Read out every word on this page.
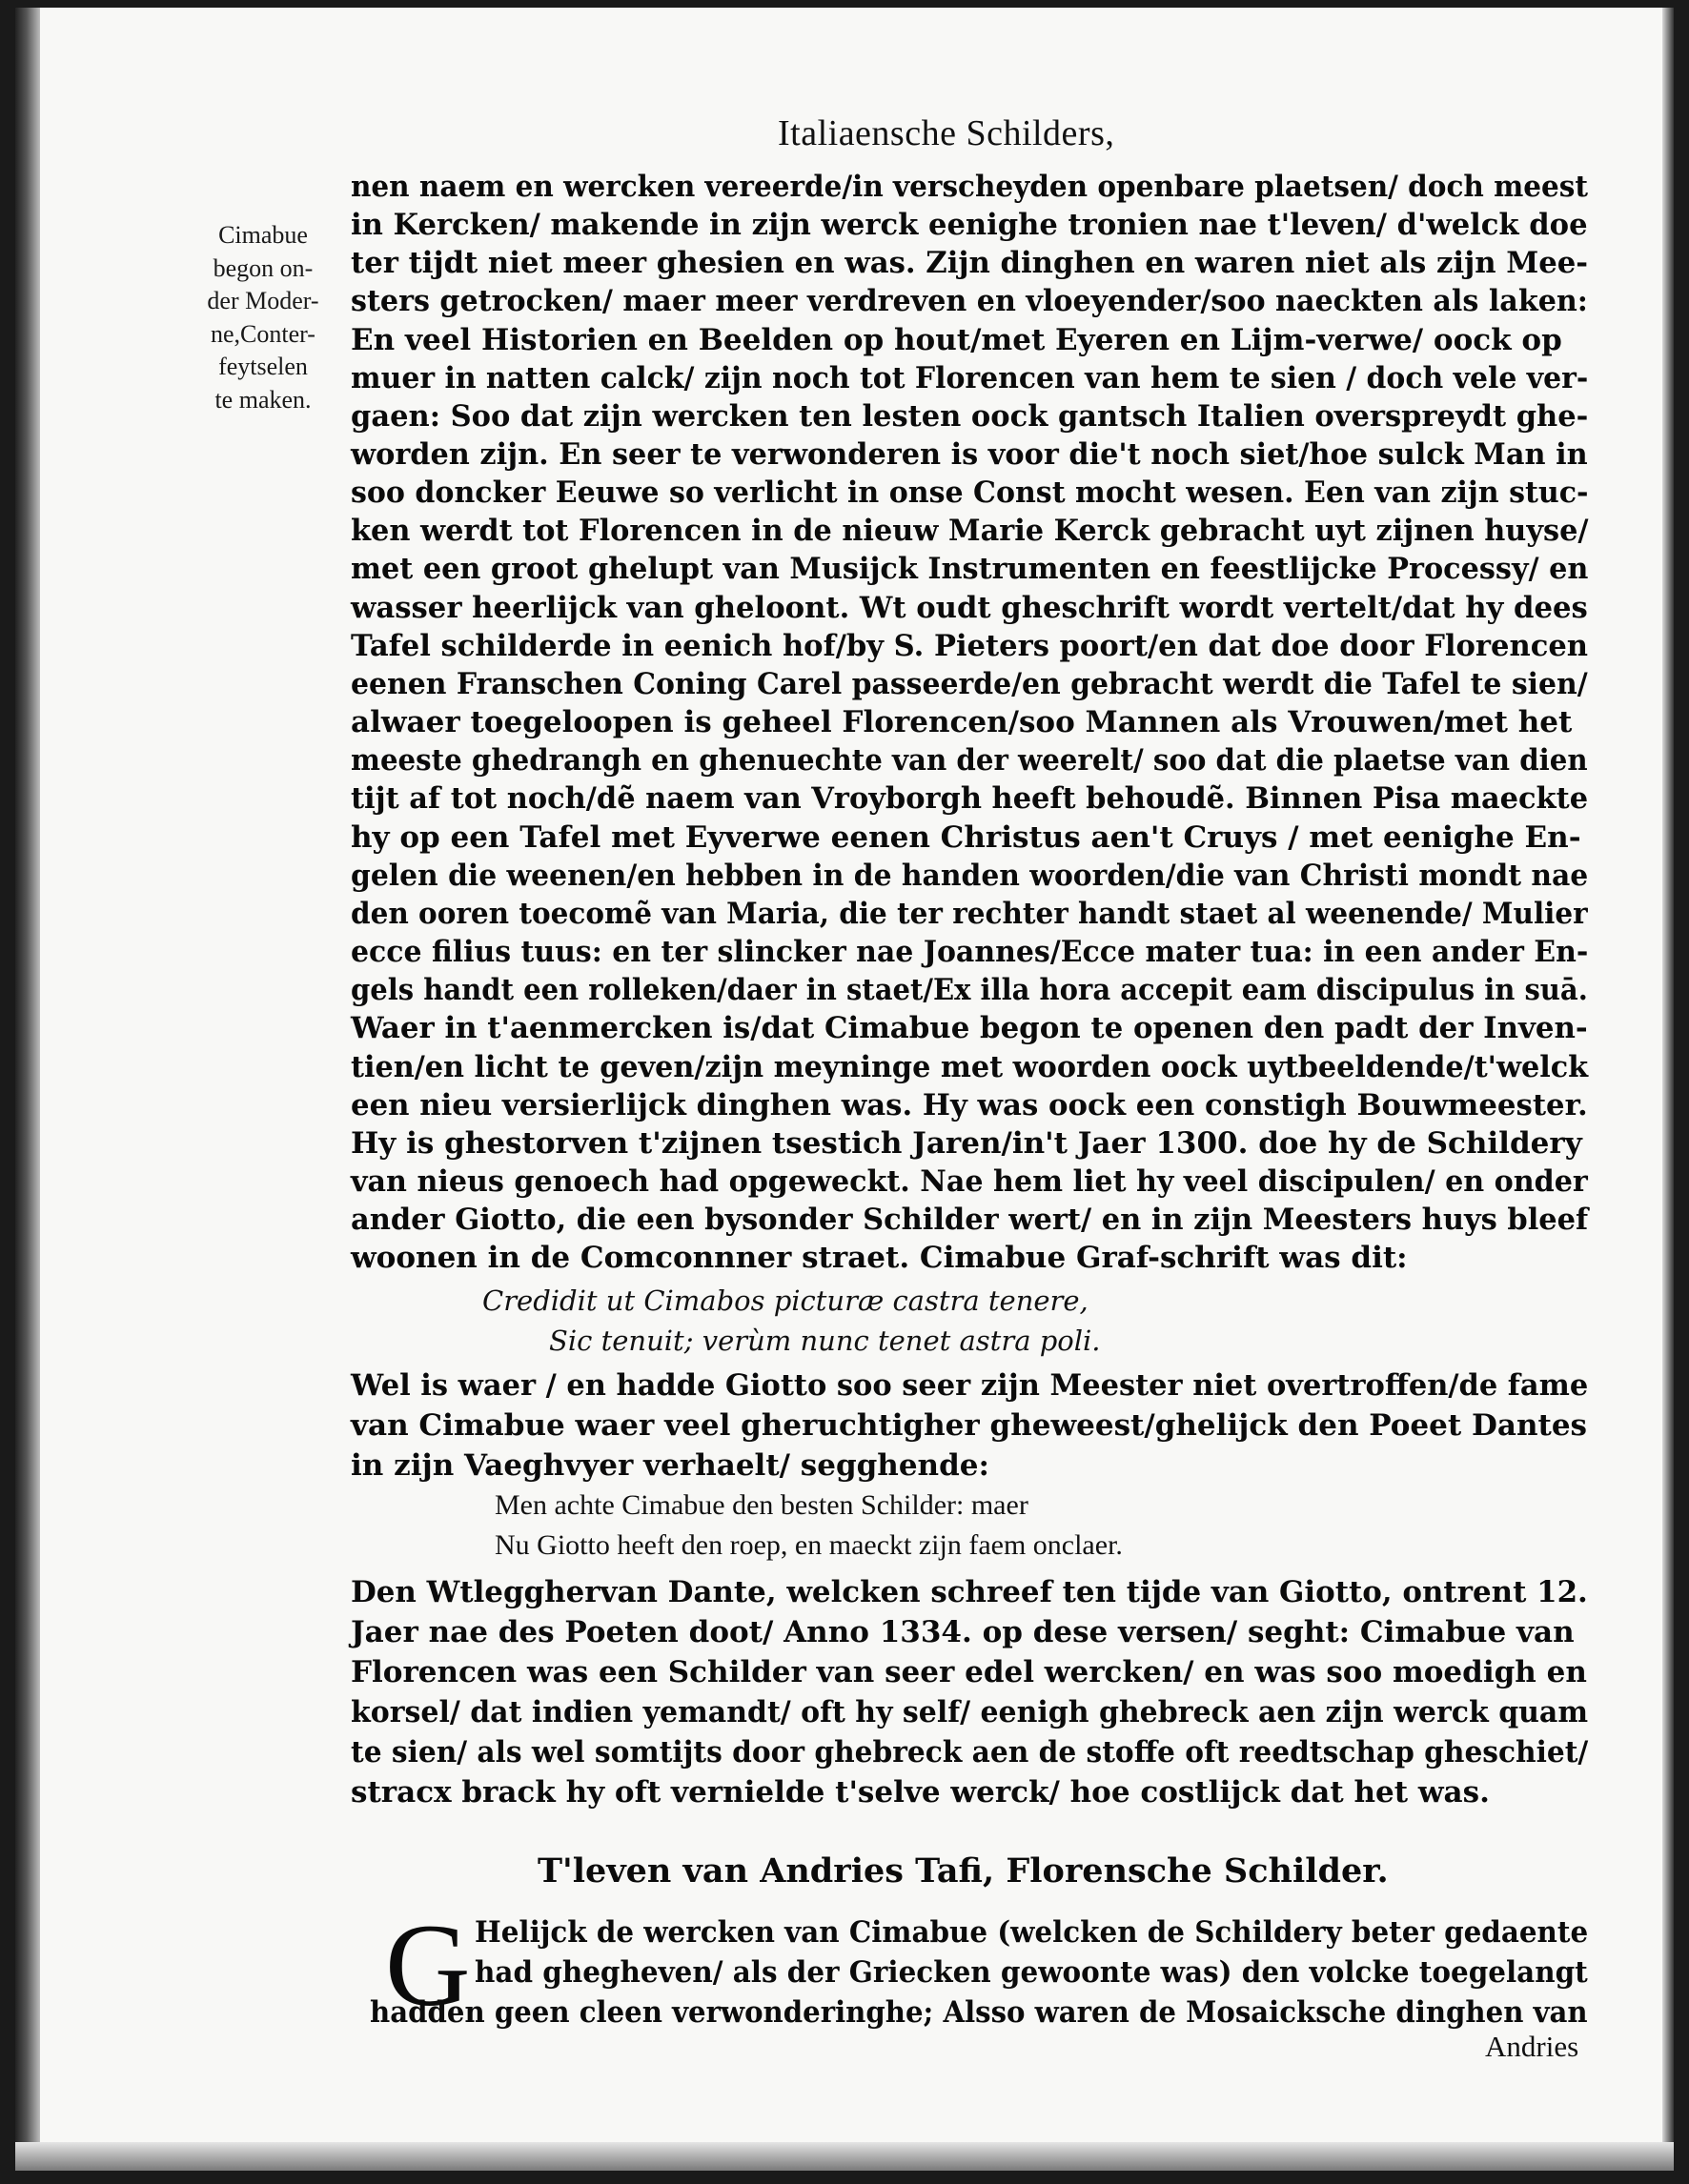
Italiaensche Schilders,
Cimabue
begon on-
der Moder-
ne,Conter-
feytselen
te maken.
nen naem en wercken vereerde/in verscheyden openbare plaetsen/ doch meest
in Kercken/ makende in zijn werck eenighe tronien nae t'leven/ d'welck doe
ter tijdt niet meer ghesien en was. Zijn dinghen en waren niet als zijn Mee-
sters getrocken/ maer meer verdreven en vloeyender/soo naeckten als laken:
En veel Historien en Beelden op hout/met Eyeren en Lijm-verwe/ oock op
muer in natten calck/ zijn noch tot Florencen van hem te sien / doch vele ver-
gaen: Soo dat zijn wercken ten lesten oock gantsch Italien overspreydt ghe-
worden zijn. En seer te verwonderen is voor die't noch siet/hoe sulck Man in
soo doncker Eeuwe so verlicht in onse Const mocht wesen. Een van zijn stuc-
ken werdt tot Florencen in de nieuw Marie Kerck gebracht uyt zijnen huyse/
met een groot ghelupt van Musijck Instrumenten en feestlijcke Processy/ en
wasser heerlijck van gheloont. Wt oudt gheschrift wordt vertelt/dat hy dees
Tafel schilderde in eenich hof/by S. Pieters poort/en dat doe door Florencen
eenen Franschen Coning Carel passeerde/en gebracht werdt die Tafel te sien/
alwaer toegeloopen is geheel Florencen/soo Mannen als Vrouwen/met het
meeste ghedrangh en ghenuechte van der weerelt/ soo dat die plaetse van dien
tijt af tot noch/dẽ naem van Vroyborgh heeft behoudẽ. Binnen Pisa maeckte
hy op een Tafel met Eyverwe eenen Christus aen't Cruys / met eenighe En-
gelen die weenen/en hebben in de handen woorden/die van Christi mondt nae
den ooren toecomẽ van Maria, die ter rechter handt staet al weenende/ Mulier
ecce filius tuus: en ter slincker nae Joannes/Ecce mater tua: in een ander En-
gels handt een rolleken/daer in staet/Ex illa hora accepit eam discipulus in suā.
Waer in t'aenmercken is/dat Cimabue begon te openen den padt der Inven-
tien/en licht te geven/zijn meyninge met woorden oock uytbeeldende/t'welck
een nieu versierlijck dinghen was. Hy was oock een constigh Bouwmeester.
Hy is ghestorven t'zijnen tsestich Jaren/in't Jaer 1300. doe hy de Schildery
van nieus genoech had opgeweckt. Nae hem liet hy veel discipulen/ en onder
ander Giotto, die een bysonder Schilder wert/ en in zijn Meesters huys bleef
woonen in de Comconnner straet. Cimabue Graf-schrift was dit:
Credidit ut Cimabos picturæ castra tenere,
Sic tenuit; verùm nunc tenet astra poli.
Wel is waer / en hadde Giotto soo seer zijn Meester niet overtroffen/de fame
van Cimabue waer veel gheruchtigher gheweest/ghelijck den Poeet Dantes
in zijn Vaeghvyer verhaelt/ segghende:
Men achte Cimabue den besten Schilder: maer
Nu Giotto heeft den roep, en maeckt zijn faem onclaer.
Den Wtlegghervan Dante, welcken schreef ten tijde van Giotto, ontrent 12.
Jaer nae des Poeten doot/ Anno 1334. op dese versen/ seght: Cimabue van
Florencen was een Schilder van seer edel wercken/ en was soo moedigh en
korsel/ dat indien yemandt/ oft hy self/ eenigh ghebreck aen zijn werck quam
te sien/ als wel somtijts door ghebreck aen de stoffe oft reedtschap gheschiet/
stracx brack hy oft vernielde t'selve werck/ hoe costlijck dat het was.
T'leven van Andries Tafi, Florensche Schilder.
G Helijck de wercken van Cimabue (welcken de Schildery beter gedaente
had ghegheven/ als der Griecken gewoonte was) den volcke toegelangt
hadden geen cleen verwonderinghe; Alsso waren de Mosaicksche dinghen van
Andries
